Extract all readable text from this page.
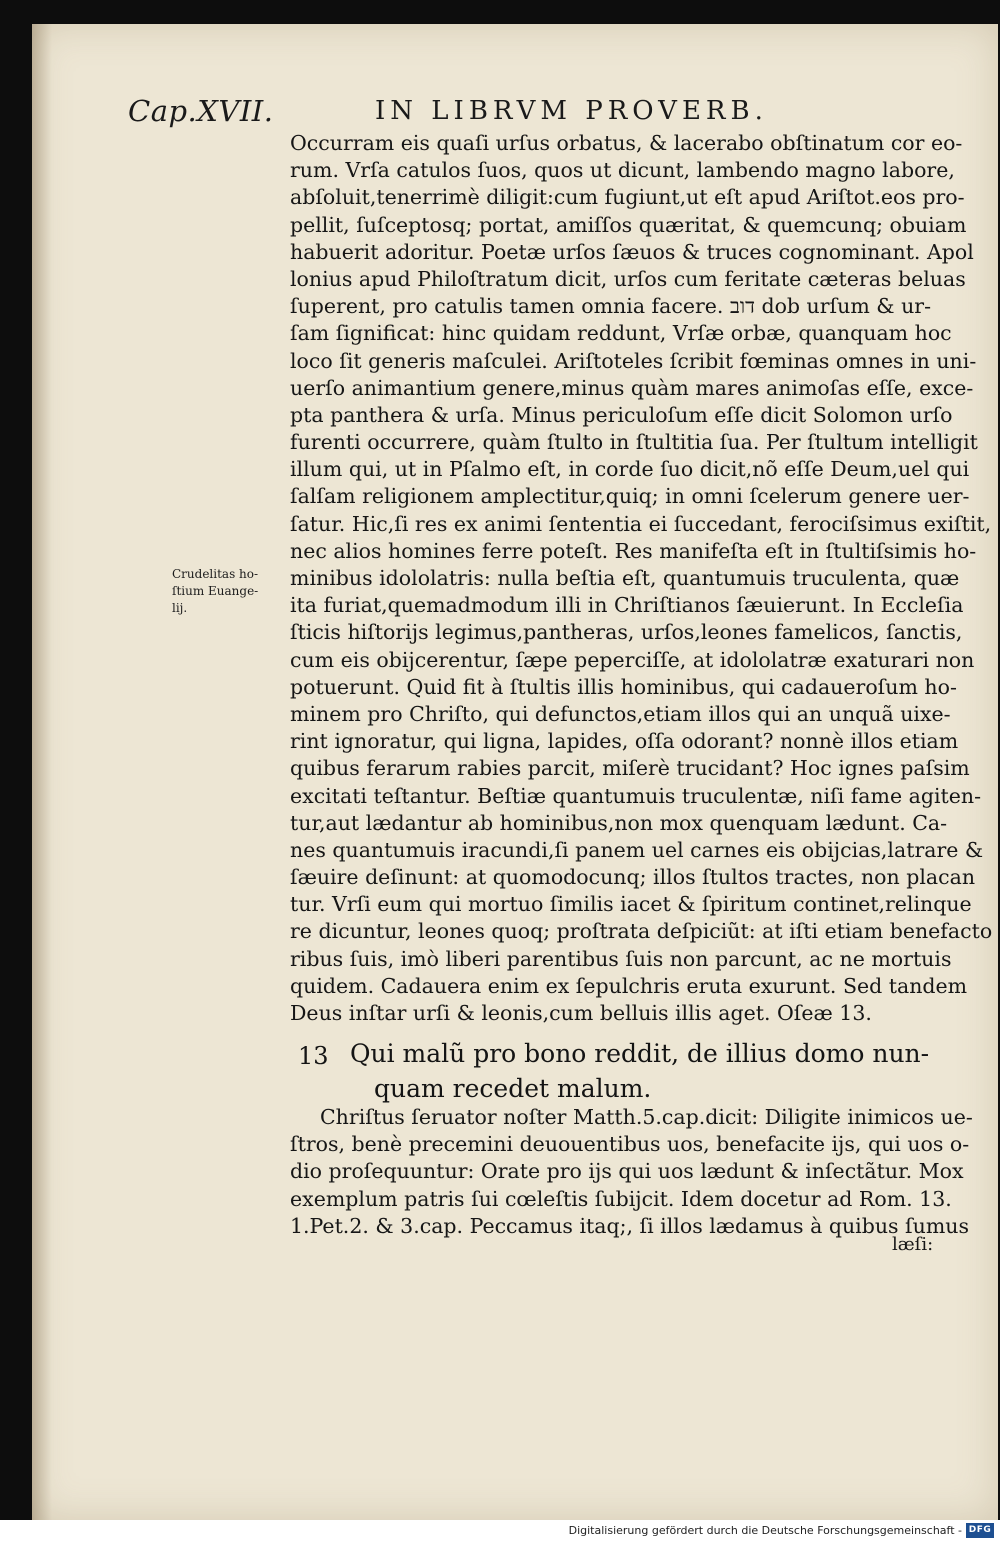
Cap.XVII.	IN LIBRVM PROVERB.
Occurram eis quaſi urſus orbatus, & lacerabo obſtinatum cor eo-
rum. Vrſa catulos ſuos, quos ut dicunt, lambendo magno labore,
abſoluit,tenerrimè diligit:cum fugiunt,ut eſt apud Ariſtot.eos pro-
pellit, ſuſceptosq; portat, amiſſos quæritat, & quemcunq; obuiam
habuerit adoritur. Poetæ urſos ſæuos & truces cognominant. Apol
lonius apud Philoſtratum dicit, urſos cum feritate cæteras beluas
ſuperent, pro catulis tamen omnia facere. דוב dob urſum & ur-
ſam ſignificat: hinc quidam reddunt, Vrſæ orbæ, quanquam hoc
loco ſit generis maſculei. Ariſtoteles ſcribit fœminas omnes in uni-
uerſo animantium genere,minus quàm mares animoſas eſſe, exce-
pta panthera & urſa. Minus periculoſum eſſe dicit Solomon urſo
furenti occurrere, quàm ſtulto in ſtultitia ſua. Per ſtultum intelligit
illum qui, ut in Pſalmo eſt, in corde ſuo dicit,nõ eſſe Deum,uel qui
ſalſam religionem amplectitur,quiq; in omni ſcelerum genere uer-
ſatur. Hic,ſi res ex animi ſententia ei ſuccedant, ferociſsimus exiſtit,
nec alios homines ferre poteſt. Res manifeſta eſt in ſtultiſsimis ho-
minibus idololatris: nulla beſtia eſt, quantumuis truculenta, quæ
ita furiat,quemadmodum illi in Chriſtianos ſæuierunt. In Eccleſia
ſticis hiſtorijs legimus,pantheras, urſos,leones famelicos, ſanctis,
cum eis obijcerentur, ſæpe peperciſſe, at idololatræ exaturari non
potuerunt. Quid fit à ſtultis illis hominibus, qui cadaueroſum ho-
minem pro Chriſto, qui defunctos,etiam illos qui an unquã uixe-
rint ignoratur, qui ligna, lapides, oſſa odorant? nonnè illos etiam
quibus ferarum rabies parcit, miſerè trucidant? Hoc ignes paſsim
excitati teſtantur. Beſtiæ quantumuis truculentæ, niſi fame agiten-
tur,aut lædantur ab hominibus,non mox quenquam lædunt. Ca-
nes quantumuis iracundi,ſi panem uel carnes eis obijcias,latrare &
ſæuire deſinunt: at quomodocunq; illos ſtultos tractes, non placan
tur. Vrſi eum qui mortuo ſimilis iacet & ſpiritum continet,relinque
re dicuntur, leones quoq; proſtrata deſpiciũt: at iſti etiam benefacto
ribus ſuis, imò liberi parentibus ſuis non parcunt, ac ne mortuis
quidem. Cadauera enim ex ſepulchris eruta exurunt. Sed tandem
Deus inſtar urſi & leonis,cum belluis illis aget. Oſeæ 13.
Crudelitas ho-
ſtium Euange-
lij.
13 Qui malũ pro bono reddit, de illius domo nun-
quam recedet malum.
Chriſtus ſeruator noſter Matth.5.cap.dicit: Diligite inimicos ue-
ſtros, benè precemini deuouentibus uos, benefacite ijs, qui uos o-
dio proſequuntur: Orate pro ijs qui uos lædunt & inſectãtur. Mox
exemplum patris ſui cœleſtis ſubijcit. Idem docetur ad Rom. 13.
1.Pet.2. & 3.cap. Peccamus itaq;, ſi illos lædamus à quibus ſumus
læſi:
Digitalisierung gefördert durch die Deutsche Forschungsgemeinschaft - DFG
